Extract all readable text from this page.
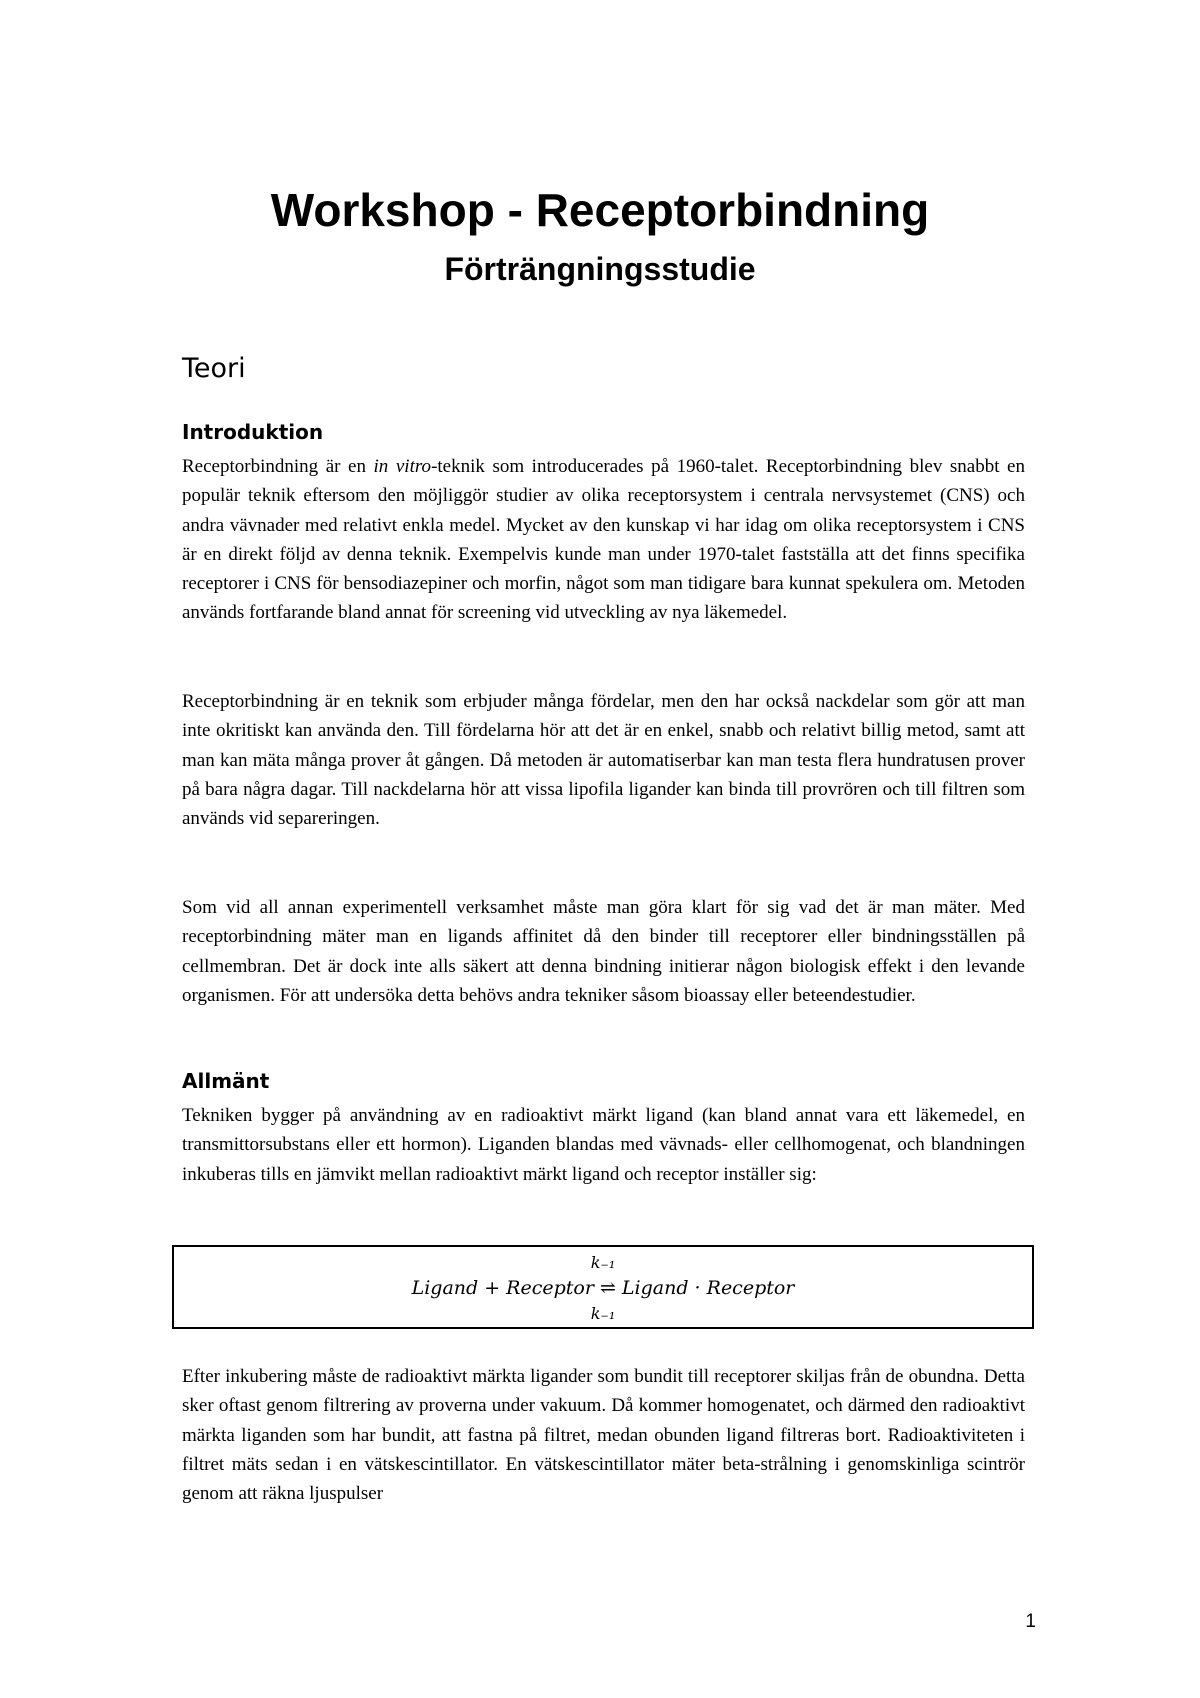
Workshop - Receptorbindning
Förträngningsstudie
Teori
Introduktion

Receptorbindning är en in vitro-teknik som introducerades på 1960-talet. Receptorbindning blev snabbt en populär teknik eftersom den möjliggör studier av olika receptorsystem i centrala nervsystemet (CNS) och andra vävnader med relativt enkla medel. Mycket av den kunskap vi har idag om olika receptorsystem i CNS är en direkt följd av denna teknik. Exempelvis kunde man under 1970-talet fastställa att det finns specifika receptorer i CNS för bensodiazepiner och morfin, något som man tidigare bara kunnat spekulera om. Metoden används fortfarande bland annat för screening vid utveckling av nya läkemedel.

Receptorbindning är en teknik som erbjuder många fördelar, men den har också nackdelar som gör att man inte okritiskt kan använda den. Till fördelarna hör att det är en enkel, snabb och relativt billig metod, samt att man kan mäta många prover åt gången. Då metoden är automatiserbar kan man testa flera hundratusen prover på bara några dagar. Till nackdelarna hör att vissa lipofila ligander kan binda till provrören och till filtren som används vid separeringen.

Som vid all annan experimentell verksamhet måste man göra klart för sig vad det är man mäter. Med receptorbindning mäter man en ligands affinitet då den binder till receptorer eller bindningsställen på cellmembran. Det är dock inte alls säkert att denna bindning initierar någon biologisk effekt i den levande organismen. För att undersöka detta behövs andra tekniker såsom bioassay eller beteendestudier.

Allmänt

Tekniken bygger på användning av en radioaktivt märkt ligand (kan bland annat vara ett läkemedel, en transmittorsubstans eller ett hormon). Liganden blandas med vävnads- eller cellhomogenat, och blandningen inkuberas tills en jämvikt mellan radioaktivt märkt ligand och receptor inställer sig:

k₋₁

Ligand + Receptor ⇌ Ligand · Receptor

k₋₁

Efter inkubering måste de radioaktivt märkta ligander som bundit till receptorer skiljas från de obundna. Detta sker oftast genom filtrering av proverna under vakuum. Då kommer homogenatet, och därmed den radioaktivt märkta liganden som har bundit, att fastna på filtret, medan obunden ligand filtreras bort. Radioaktiviteten i filtret mäts sedan i en vätskescintillator. En vätskescintillator mäter beta-strålning i genomskinliga scintrör genom att räkna ljuspulser

1
